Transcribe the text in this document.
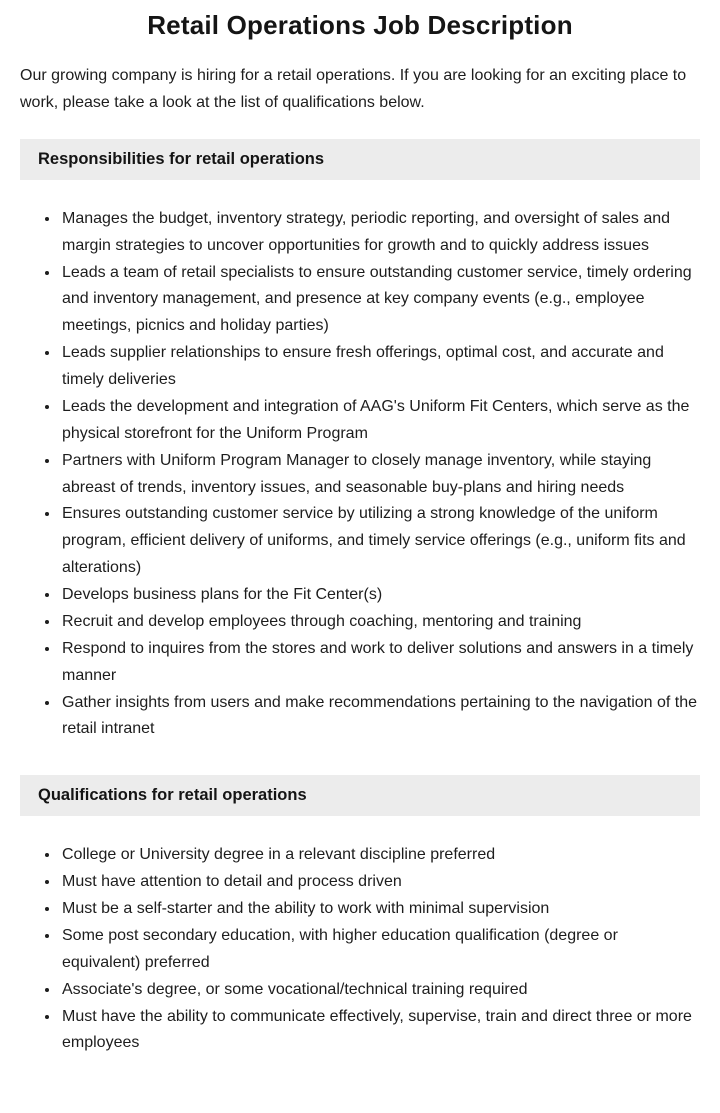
Retail Operations Job Description

Our growing company is hiring for a retail operations. If you are looking for an exciting place to work, please take a look at the list of qualifications below.

Responsibilities for retail operations
• Manages the budget, inventory strategy, periodic reporting, and oversight of sales and margin strategies to uncover opportunities for growth and to quickly address issues
• Leads a team of retail specialists to ensure outstanding customer service, timely ordering and inventory management, and presence at key company events (e.g., employee meetings, picnics and holiday parties)
• Leads supplier relationships to ensure fresh offerings, optimal cost, and accurate and timely deliveries
• Leads the development and integration of AAG's Uniform Fit Centers, which serve as the physical storefront for the Uniform Program
• Partners with Uniform Program Manager to closely manage inventory, while staying abreast of trends, inventory issues, and seasonable buy-plans and hiring needs
• Ensures outstanding customer service by utilizing a strong knowledge of the uniform program, efficient delivery of uniforms, and timely service offerings (e.g., uniform fits and alterations)
• Develops business plans for the Fit Center(s)
• Recruit and develop employees through coaching, mentoring and training
• Respond to inquires from the stores and work to deliver solutions and answers in a timely manner
• Gather insights from users and make recommendations pertaining to the navigation of the retail intranet
Qualifications for retail operations
• College or University degree in a relevant discipline preferred
• Must have attention to detail and process driven
• Must be a self-starter and the ability to work with minimal supervision
• Some post secondary education, with higher education qualification (degree or equivalent) preferred
• Associate's degree, or some vocational/technical training required
• Must have the ability to communicate effectively, supervise, train and direct three or more employees
